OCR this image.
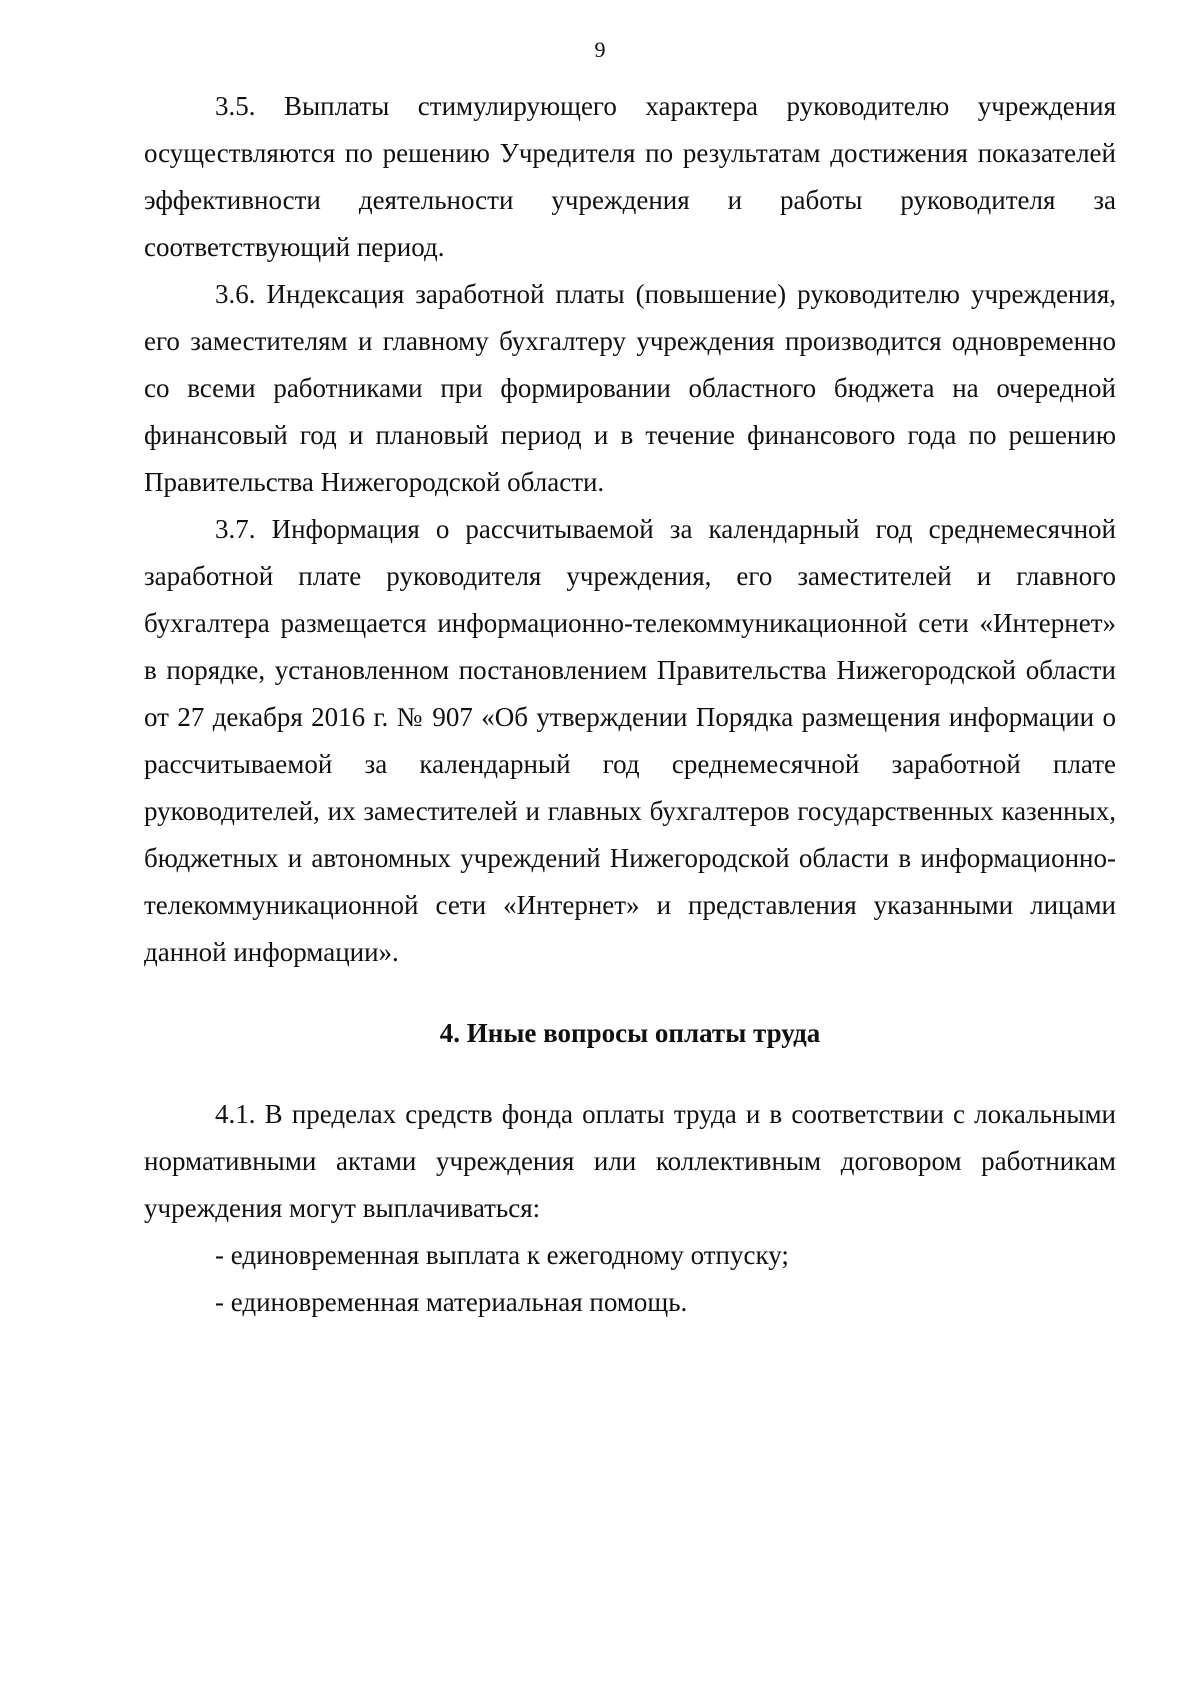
9

3.5. Выплаты стимулирующего характера руководителю учреждения осуществляются по решению Учредителя по результатам достижения показателей эффективности деятельности учреждения и работы руководителя за соответствующий период.

3.6. Индексация заработной платы (повышение) руководителю учреждения, его заместителям и главному бухгалтеру учреждения производится одновременно со всеми работниками при формировании областного бюджета на очередной финансовый год и плановый период и в течение финансового года по решению Правительства Нижегородской области.

3.7. Информация о рассчитываемой за календарный год среднемесячной заработной плате руководителя учреждения, его заместителей и главного бухгалтера размещается информационно-телекоммуникационной сети «Интернет» в порядке, установленном постановлением Правительства Нижегородской области от 27 декабря 2016 г. № 907 «Об утверждении Порядка размещения информации о рассчитываемой за календарный год среднемесячной заработной плате руководителей, их заместителей и главных бухгалтеров государственных казенных, бюджетных и автономных учреждений Нижегородской области в информационно-телекоммуникационной сети «Интернет» и представления указанными лицами данной информации».

4. Иные вопросы оплаты труда

4.1. В пределах средств фонда оплаты труда и в соответствии с локальными нормативными актами учреждения или коллективным договором работникам учреждения могут выплачиваться:

- единовременная выплата к ежегодному отпуску;

- единовременная материальная помощь.
